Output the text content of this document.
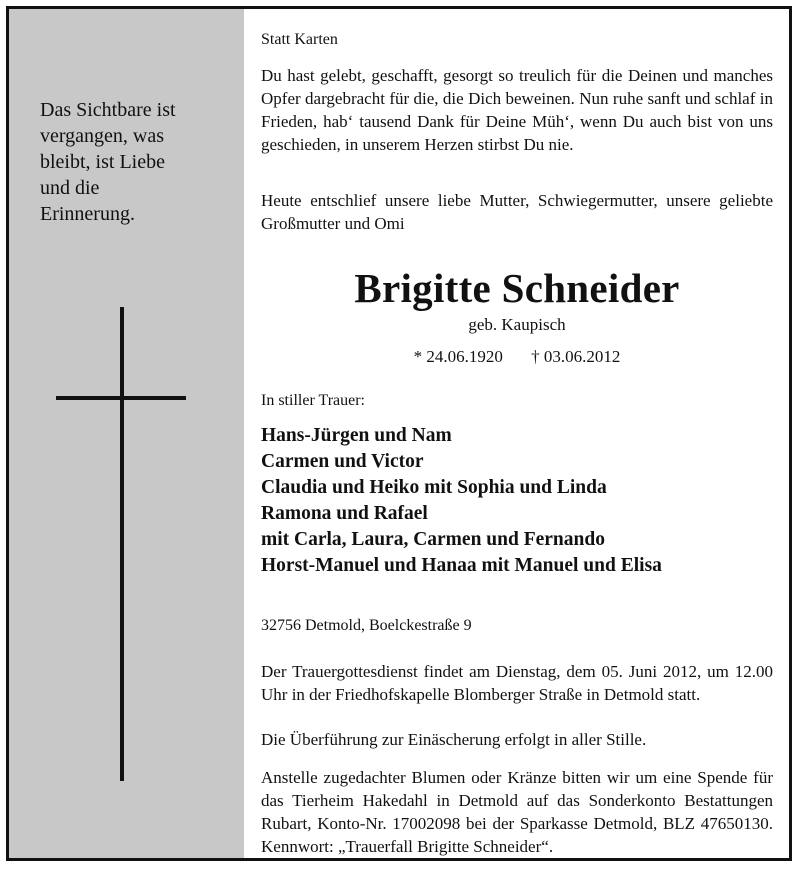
Das Sichtbare ist
vergangen, was
bleibt, ist Liebe
und die
Erinnerung.

Statt Karten

Du hast gelebt, geschafft, gesorgt so treulich für die Deinen und manches Opfer dargebracht für die, die Dich beweinen. Nun ruhe sanft und schlaf in Frieden, hab‘ tausend Dank für Deine Müh‘, wenn Du auch bist von uns geschieden, in unserem Herzen stirbst Du nie.

Heute entschlief unsere liebe Mutter, Schwiegermutter, unsere geliebte Großmutter und Omi

Brigitte Schneider
geb. Kaupisch
* 24.06.1920 † 03.06.2012

In stiller Trauer:

Hans-Jürgen und Nam
Carmen und Victor
Claudia und Heiko mit Sophia und Linda
Ramona und Rafael
mit Carla, Laura, Carmen und Fernando
Horst-Manuel und Hanaa mit Manuel und Elisa

32756 Detmold, Boelckestraße 9

Der Trauergottesdienst findet am Dienstag, dem 05. Juni 2012, um 12.00 Uhr in der Friedhofskapelle Blomberger Straße in Detmold statt.

Die Überführung zur Einäscherung erfolgt in aller Stille.

Anstelle zugedachter Blumen oder Kränze bitten wir um eine Spende für das Tierheim Hakedahl in Detmold auf das Sonderkonto Bestattungen Rubart, Konto-Nr. 17002098 bei der Sparkasse Detmold, BLZ 47650130. Kennwort: „Trauerfall Brigitte Schneider“.
